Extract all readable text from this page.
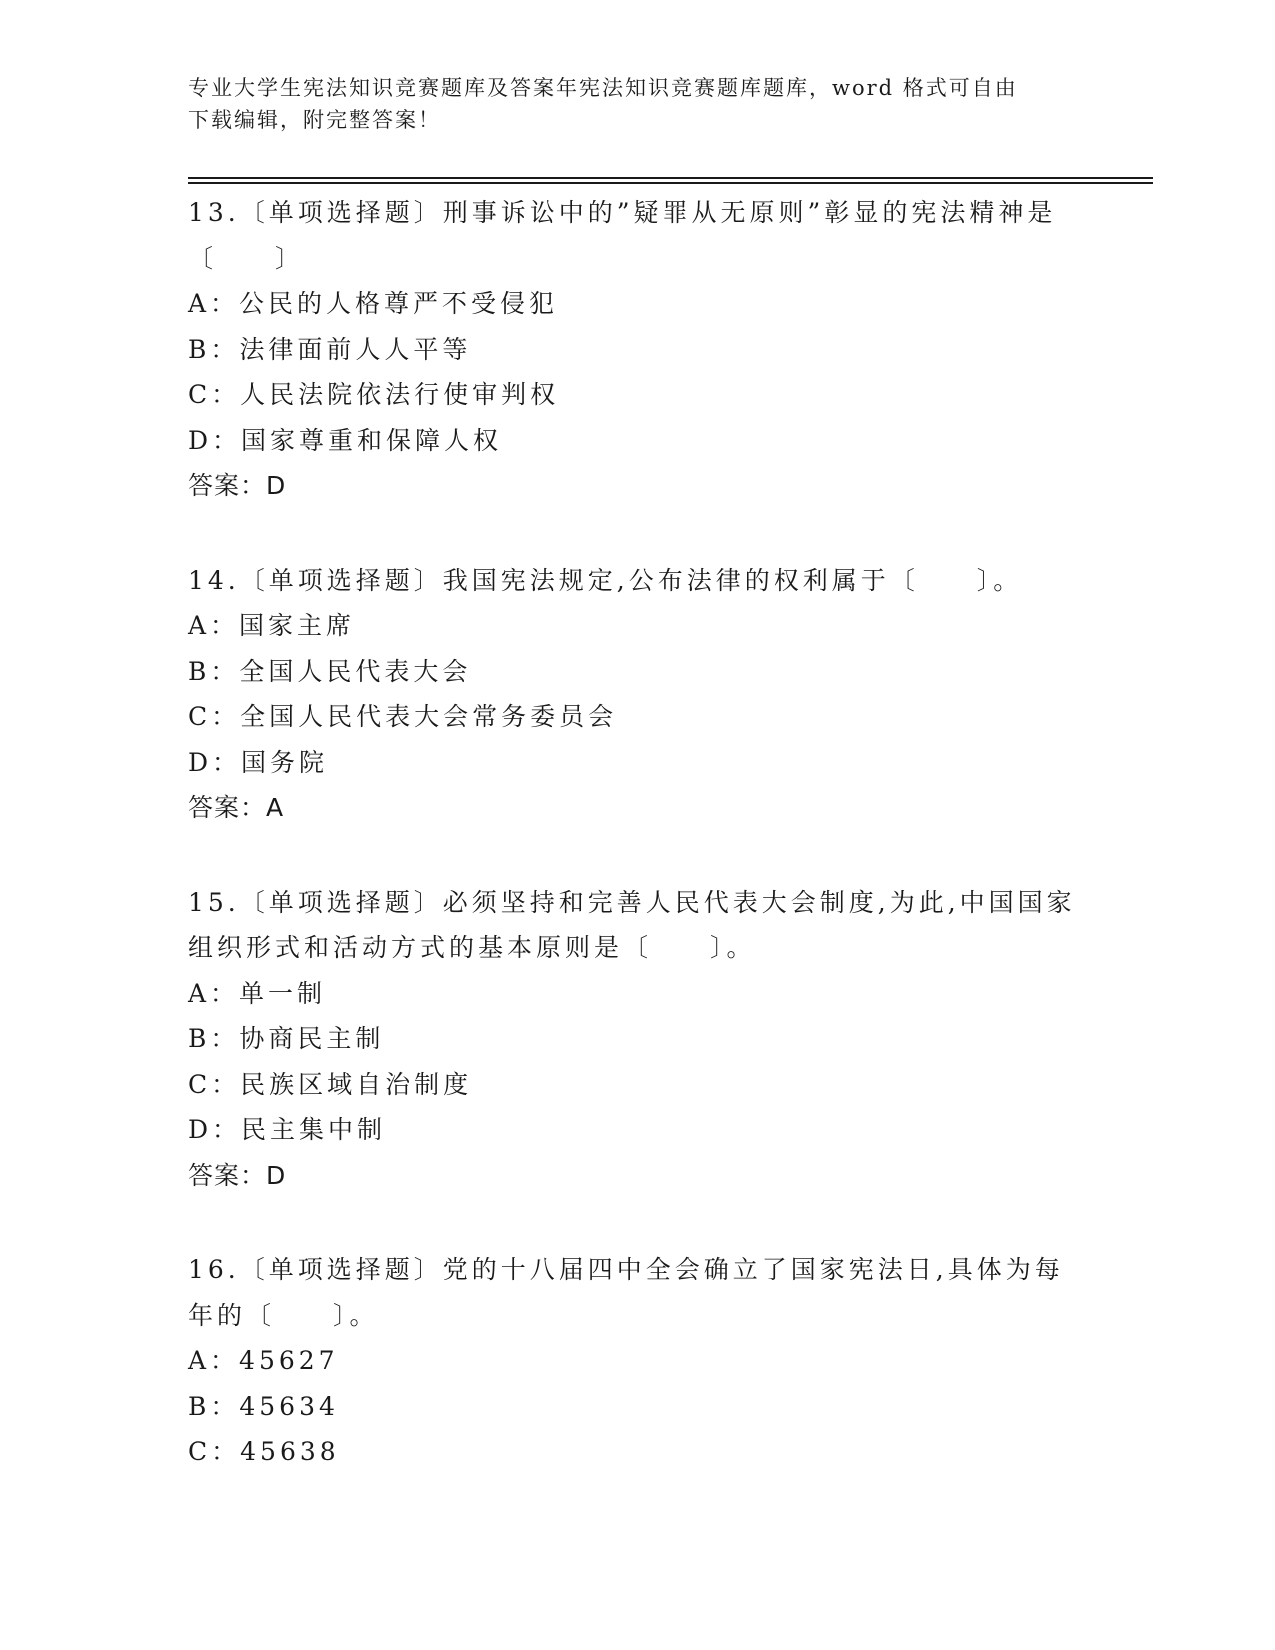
专业大学生宪法知识竞赛题库及答案年宪法知识竞赛题库题库，word 格式可自由
下载编辑，附完整答案！
13.〔单项选择题〕刑事诉讼中的”疑罪从无原则”彰显的宪法精神是
〔　　〕
A：公民的人格尊严不受侵犯
B：法律面前人人平等
C：人民法院依法行使审判权
D：国家尊重和保障人权
答案：D
14.〔单项选择题〕我国宪法规定,公布法律的权利属于〔　　〕。
A：国家主席
B：全国人民代表大会
C：全国人民代表大会常务委员会
D：国务院
答案：A
15.〔单项选择题〕必须坚持和完善人民代表大会制度,为此,中国国家
组织形式和活动方式的基本原则是〔　　〕。
A：单一制
B：协商民主制
C：民族区域自治制度
D：民主集中制
答案：D
16.〔单项选择题〕党的十八届四中全会确立了国家宪法日,具体为每
年的〔　　〕。
A：45627
B：45634
C：45638
